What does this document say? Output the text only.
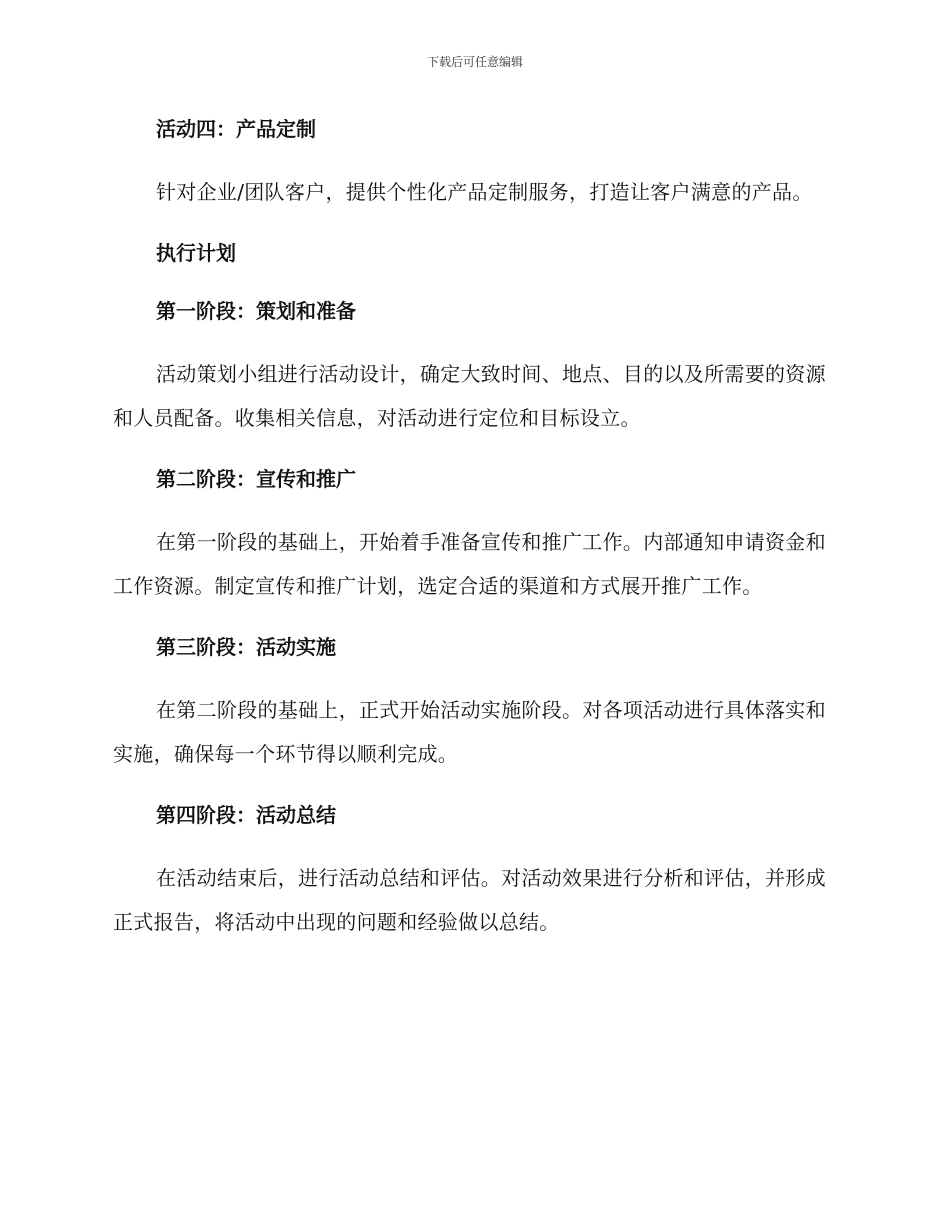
下载后可任意编辑
活动四：产品定制

针对企业/团队客户，提供个性化产品定制服务，打造让客户满意的产品。

执行计划
第一阶段：策划和准备

活动策划小组进行活动设计，确定大致时间、地点、目的以及所需要的资源和人员配备。收集相关信息，对活动进行定位和目标设立。

第二阶段：宣传和推广

在第一阶段的基础上，开始着手准备宣传和推广工作。内部通知申请资金和工作资源。制定宣传和推广计划，选定合适的渠道和方式展开推广工作。

第三阶段：活动实施

在第二阶段的基础上，正式开始活动实施阶段。对各项活动进行具体落实和实施，确保每一个环节得以顺利完成。

第四阶段：活动总结

在活动结束后，进行活动总结和评估。对活动效果进行分析和评估，并形成正式报告，将活动中出现的问题和经验做以总结。
